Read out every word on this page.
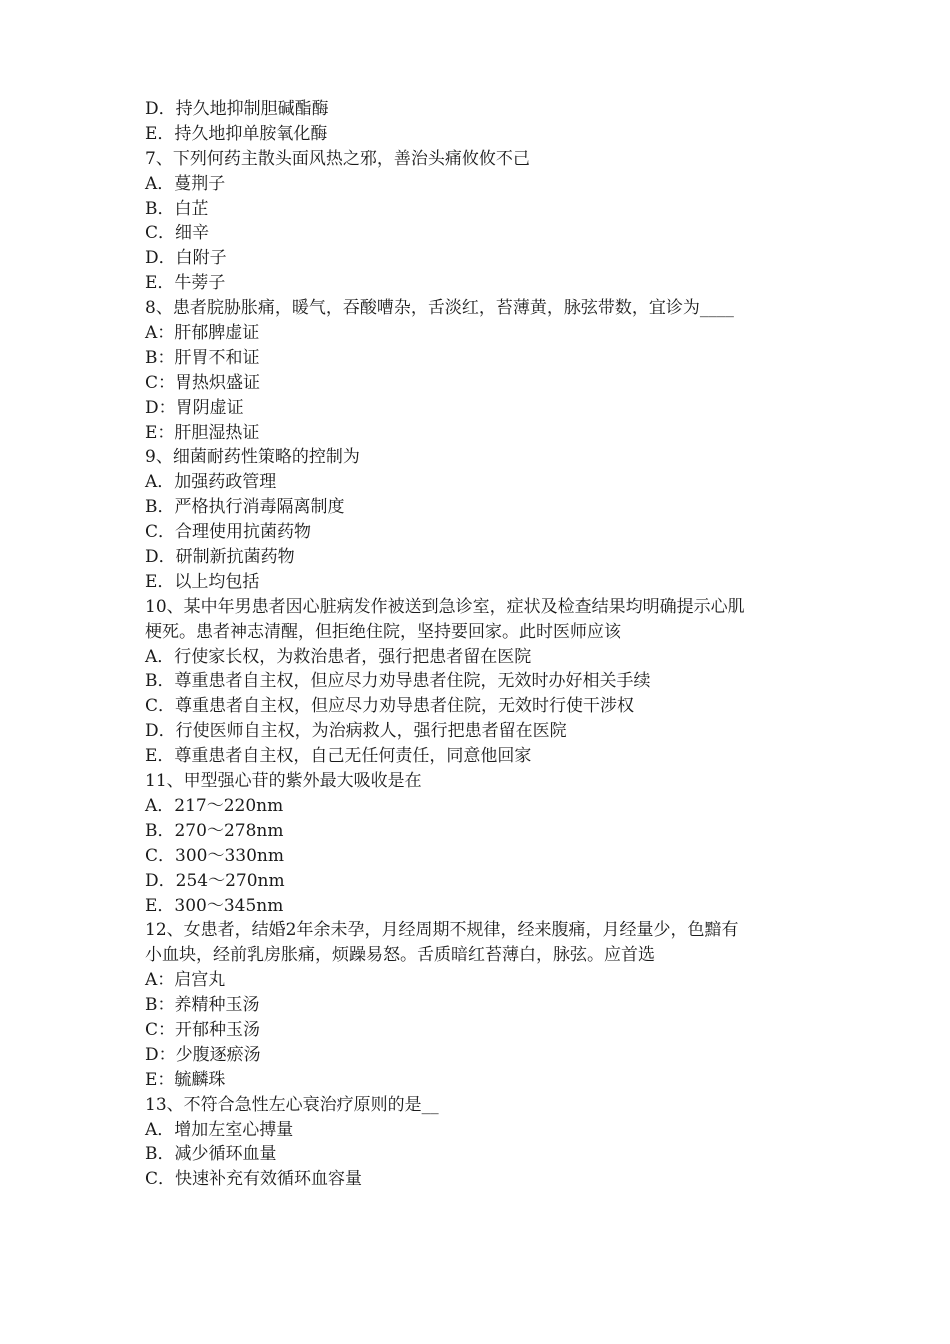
D．持久地抑制胆碱酯酶
E．持久地抑单胺氧化酶
7、下列何药主散头面风热之邪，善治头痛攸攸不己
A．蔓荆子
B．白芷
C．细辛
D．白附子
E．牛蒡子
8、患者脘胁胀痛，暖气，吞酸嘈杂，舌淡红，苔薄黄，脉弦带数，宜诊为____
A：肝郁脾虚证
B：肝胃不和证
C：胃热炽盛证
D：胃阴虚证
E：肝胆湿热证
9、细菌耐药性策略的控制为
A．加强药政管理
B．严格执行消毒隔离制度
C．合理使用抗菌药物
D．研制新抗菌药物
E．以上均包括
10、某中年男患者因心脏病发作被送到急诊室，症状及检查结果均明确提示心肌
梗死。患者神志清醒，但拒绝住院，坚持要回家。此时医师应该
A．行使家长权，为救治患者，强行把患者留在医院
B．尊重患者自主权，但应尽力劝导患者住院，无效时办好相关手续
C．尊重患者自主权，但应尽力劝导患者住院，无效时行使干涉权
D．行使医师自主权，为治病救人，强行把患者留在医院
E．尊重患者自主权，自己无任何责任，同意他回家
11、甲型强心苷的紫外最大吸收是在
A．217～220nm
B．270～278nm
C．300～330nm
D．254～270nm
E．300～345nm
12、女患者，结婚2年余未孕，月经周期不规律，经来腹痛，月经量少，色黯有
小血块，经前乳房胀痛，烦躁易怒。舌质暗红苔薄白，脉弦。应首选
A：启宫丸
B：养精种玉汤
C：开郁种玉汤
D：少腹逐瘀汤
E：毓麟珠
13、不符合急性左心衰治疗原则的是__
A．增加左室心搏量
B．减少循环血量
C．快速补充有效循环血容量
